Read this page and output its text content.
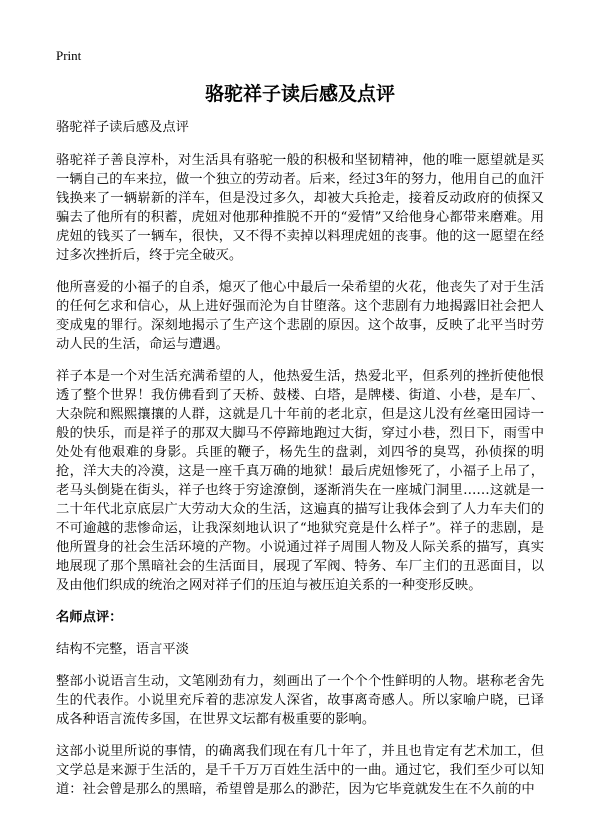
Print
骆驼祥子读后感及点评

骆驼祥子读后感及点评

骆驼祥子善良淳朴，对生活具有骆驼一般的积极和坚韧精神，他的唯一愿望就是买一辆自己的车来拉，做一个独立的劳动者。后来，经过3年的努力，他用自己的血汗钱换来了一辆崭新的洋车，但是没过多久，却被大兵抢走，接着反动政府的侦探又骗去了他所有的积蓄，虎妞对他那种推脱不开的“爱情”又给他身心都带来磨难。用虎妞的钱买了一辆车，很快，又不得不卖掉以料理虎妞的丧事。他的这一愿望在经过多次挫折后，终于完全破灭。

他所喜爱的小福子的自杀，熄灭了他心中最后一朵希望的火花，他丧失了对于生活的任何乞求和信心，从上进好强而沦为自甘堕落。这个悲剧有力地揭露旧社会把人变成鬼的罪行。深刻地揭示了生产这个悲剧的原因。这个故事，反映了北平当时劳动人民的生活，命运与遭遇。

祥子本是一个对生活充满希望的人，他热爱生活，热爱北平，但系列的挫折使他恨透了整个世界！我仿佛看到了天桥、鼓楼、白塔，是牌楼、街道、小巷，是车厂、大杂院和熙熙攘攘的人群，这就是几十年前的老北京，但是这儿没有丝毫田园诗一般的快乐，而是祥子的那双大脚马不停蹄地跑过大街，穿过小巷，烈日下，雨雪中处处有他艰难的身影。兵匪的鞭子，杨先生的盘剥，刘四爷的臭骂，孙侦探的明抢，洋大夫的冷漠，这是一座千真万确的地狱！最后虎妞惨死了，小福子上吊了，老马头倒毙在街头，祥子也终于穷途潦倒，逐渐消失在一座城门洞里……这就是一二十年代北京底层广大劳动大众的生活，这遍真的描写让我体会到了人力车夫们的不可逾越的悲惨命运，让我深刻地认识了“地狱究竟是什么样子”。祥子的悲剧，是他所置身的社会生活环境的产物。小说通过祥子周围人物及人际关系的描写，真实地展现了那个黑暗社会的生活面目，展现了军阀、特务、车厂主们的丑恶面目，以及由他们织成的统治之网对祥子们的压迫与被压迫关系的一种变形反映。

名师点评：

结构不完整，语言平淡

整部小说语言生动，文笔刚劲有力，刻画出了一个个个性鲜明的人物。堪称老舍先生的代表作。小说里充斥着的悲凉发人深省，故事离奇感人。所以家喻户晓，已译成各种语言流传多国，在世界文坛都有极重要的影响。

这部小说里所说的事情，的确离我们现在有几十年了，并且也肯定有艺术加工，但文学总是来源于生活的，是千千万万百姓生活中的一曲。通过它，我们至少可以知道：社会曾是那么的黑暗，希望曾是那么的渺茫，因为它毕竟就发生在不久前的中
